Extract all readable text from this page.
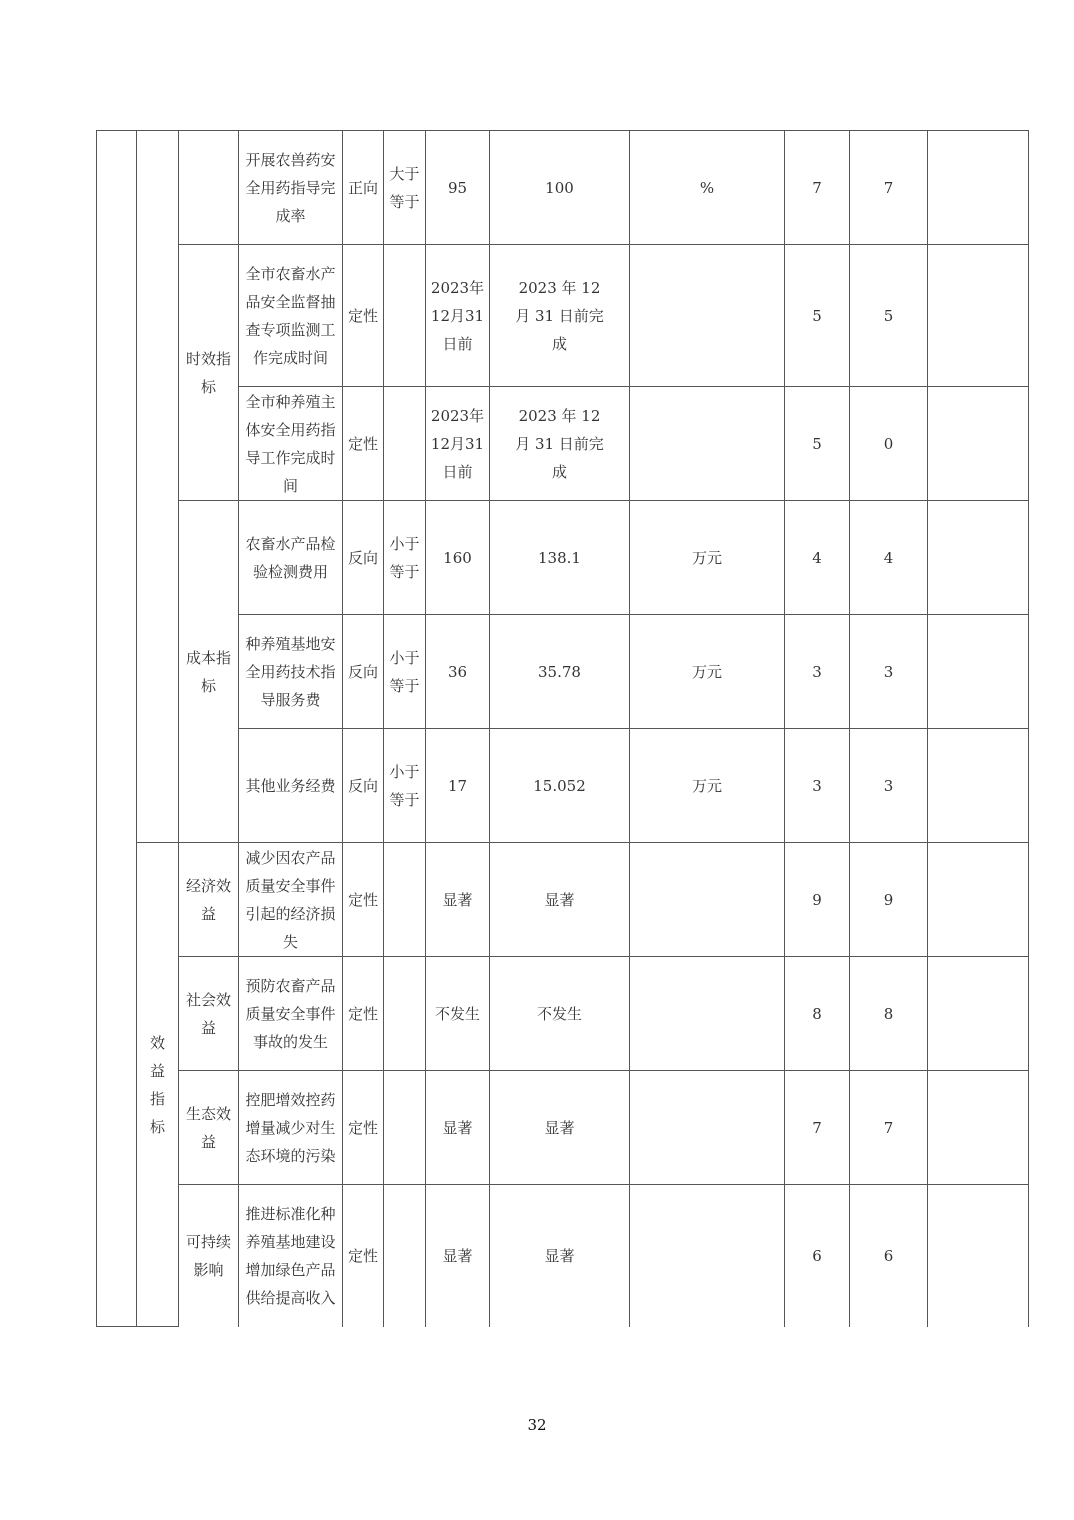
			开展农兽药安全用药指导完成率	正向	大于等于	95	100	%	7	7	
		时效指标	全市农畜水产品安全监督抽查专项监测工作完成时间	定性		2023年12月31日前	2023 年 12 月 31 日前完成		5	5	
			全市种养殖主体安全用药指导工作完成时间	定性		2023年12月31日前	2023 年 12 月 31 日前完成		5	0	
		成本指标	农畜水产品检验检测费用	反向	小于等于	160	138.1	万元	4	4	
			种养殖基地安全用药技术指导服务费	反向	小于等于	36	35.78	万元	3	3	
			其他业务经费	反向	小于等于	17	15.052	万元	3	3	
	效益指标	经济效益	减少因农产品质量安全事件引起的经济损失	定性		显著	显著		9	9	
		社会效益	预防农畜产品质量安全事件事故的发生	定性		不发生	不发生		8	8	
		生态效益	控肥增效控药增量减少对生态环境的污染	定性		显著	显著		7	7	
		可持续影响	推进标准化种养殖基地建设增加绿色产品供给提高收入	定性		显著	显著		6	6	
32
